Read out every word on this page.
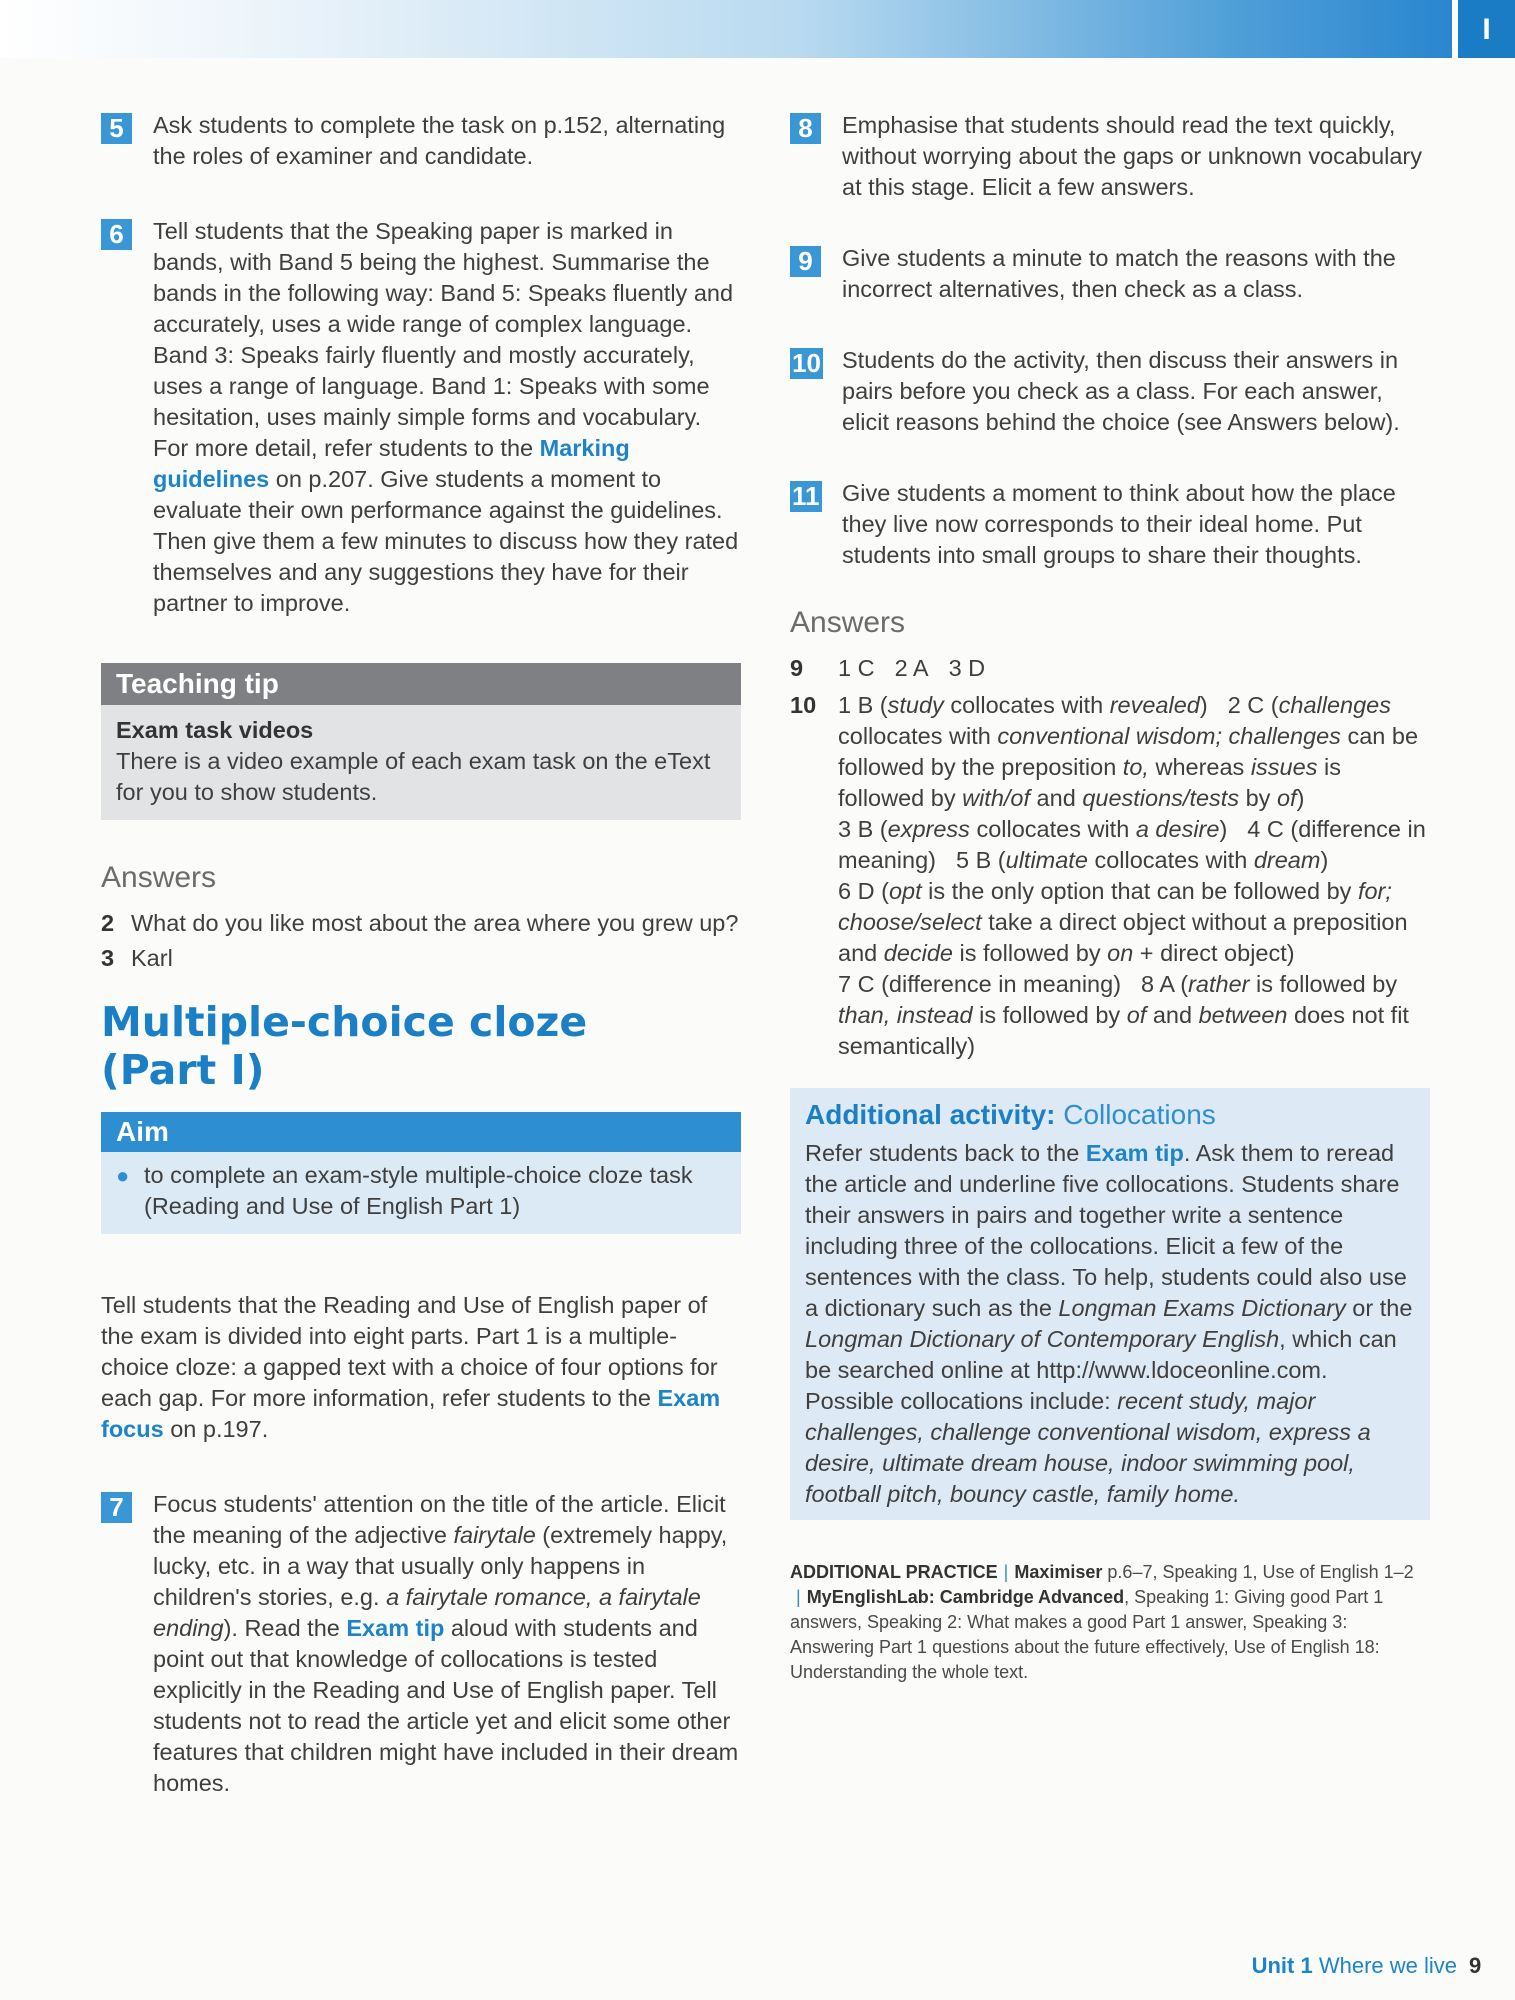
I
5	Ask students to complete the task on p.152, alternating the roles of examiner and candidate.
6	Tell students that the Speaking paper is marked in bands, with Band 5 being the highest. Summarise the bands in the following way: Band 5: Speaks fluently and accurately, uses a wide range of complex language. Band 3: Speaks fairly fluently and mostly accurately, uses a range of language. Band 1: Speaks with some hesitation, uses mainly simple forms and vocabulary. For more detail, refer students to the Marking guidelines on p.207. Give students a moment to evaluate their own performance against the guidelines. Then give them a few minutes to discuss how they rated themselves and any suggestions they have for their partner to improve.
Teaching tip
Exam task videos
There is a video example of each exam task on the eText for you to show students.
Answers
2 What do you like most about the area where you grew up?
3 Karl
Multiple-choice cloze
(Part I)
Aim
● to complete an exam-style multiple-choice cloze task (Reading and Use of English Part 1)
Tell students that the Reading and Use of English paper of the exam is divided into eight parts. Part 1 is a multiple-choice cloze: a gapped text with a choice of four options for each gap. For more information, refer students to the Exam focus on p.197.
7	Focus students' attention on the title of the article. Elicit the meaning of the adjective fairytale (extremely happy, lucky, etc. in a way that usually only happens in children's stories, e.g. a fairytale romance, a fairytale ending). Read the Exam tip aloud with students and point out that knowledge of collocations is tested explicitly in the Reading and Use of English paper. Tell students not to read the article yet and elicit some other features that children might have included in their dream homes.
8	Emphasise that students should read the text quickly, without worrying about the gaps or unknown vocabulary at this stage. Elicit a few answers.
9	Give students a minute to match the reasons with the incorrect alternatives, then check as a class.
10 Students do the activity, then discuss their answers in pairs before you check as a class. For each answer, elicit reasons behind the choice (see Answers below).
11 Give students a moment to think about how the place they live now corresponds to their ideal home. Put students into small groups to share their thoughts.
Answers
9	1 C 2 A 3 D
10 1 B (study collocates with revealed) 2 C (challenges collocates with conventional wisdom; challenges can be followed by the preposition to, whereas issues is followed by with/of and questions/tests by of)
3 B (express collocates with a desire) 4 C (difference in meaning) 5 B (ultimate collocates with dream)
6 D (opt is the only option that can be followed by for; choose/select take a direct object without a preposition and decide is followed by on + direct object)
7 C (difference in meaning) 8 A (rather is followed by than, instead is followed by of and between does not fit semantically)
Additional activity: Collocations
Refer students back to the Exam tip. Ask them to reread the article and underline five collocations. Students share their answers in pairs and together write a sentence including three of the collocations. Elicit a few of the sentences with the class. To help, students could also use a dictionary such as the Longman Exams Dictionary or the Longman Dictionary of Contemporary English, which can be searched online at http://www.ldoceonline.com. Possible collocations include: recent study, major challenges, challenge conventional wisdom, express a desire, ultimate dream house, indoor swimming pool, football pitch, bouncy castle, family home.
ADDITIONAL PRACTICE | Maximiser p.6–7, Speaking 1, Use of English 1–2 | MyEnglishLab: Cambridge Advanced, Speaking 1: Giving good Part 1 answers, Speaking 2: What makes a good Part 1 answer, Speaking 3: Answering Part 1 questions about the future effectively, Use of English 18: Understanding the whole text.
Unit 1 Where we live 9
